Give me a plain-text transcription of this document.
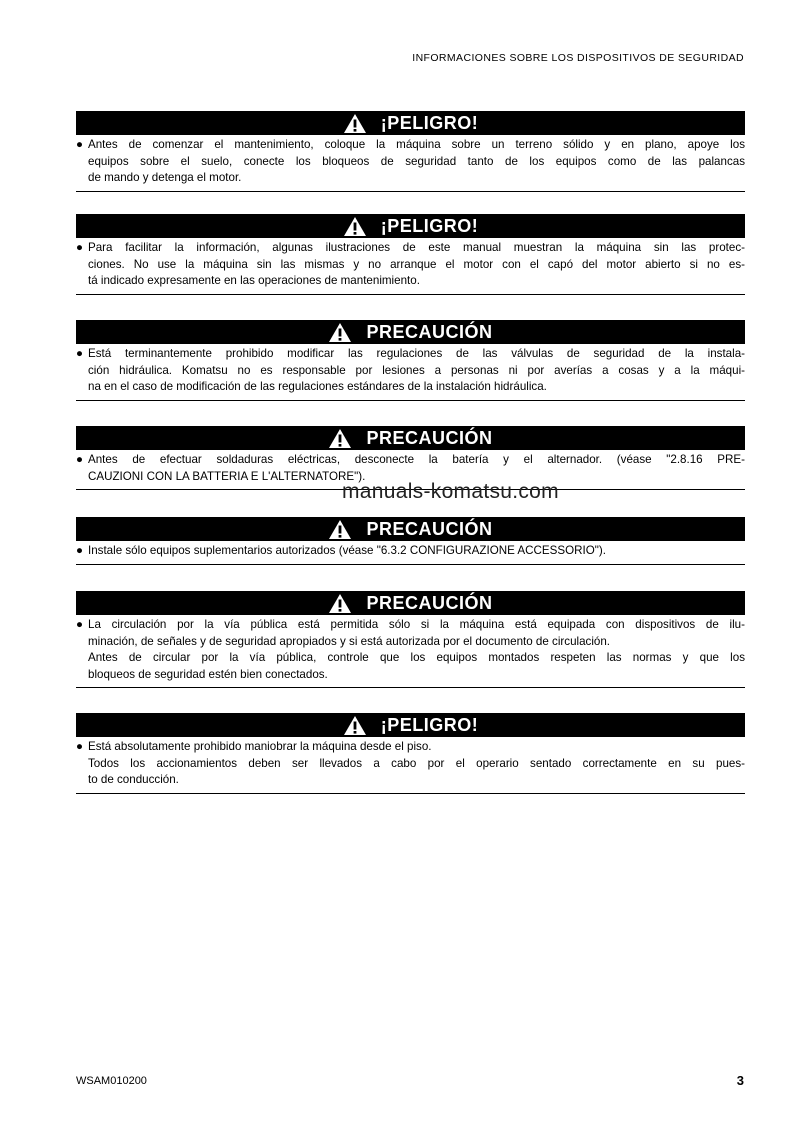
INFORMACIONES SOBRE LOS DISPOSITIVOS DE SEGURIDAD
¡PELIGRO!
● Antes de comenzar el mantenimiento, coloque la máquina sobre un terreno sólido y en plano, apoye los
equipos sobre el suelo, conecte los bloqueos de seguridad tanto de los equipos como de las palancas
de mando y detenga el motor.
¡PELIGRO!
● Para facilitar la información, algunas ilustraciones de este manual muestran la máquina sin las protec-
ciones. No use la máquina sin las mismas y no arranque el motor con el capó del motor abierto si no es-
tá indicado expresamente en las operaciones de mantenimiento.
PRECAUCIÓN
● Está terminantemente prohibido modificar las regulaciones de las válvulas de seguridad de la instala-
ción hidráulica. Komatsu no es responsable por lesiones a personas ni por averías a cosas y a la máqui-
na en el caso de modificación de las regulaciones estándares de la instalación hidráulica.
PRECAUCIÓN
● Antes de efectuar soldaduras eléctricas, desconecte la batería y el alternador. (véase "2.8.16 PRE-
CAUZIONI CON LA BATTERIA E L'ALTERNATORE").
PRECAUCIÓN
● Instale sólo equipos suplementarios autorizados (véase "6.3.2 CONFIGURAZIONE ACCESSORIO").
PRECAUCIÓN
● La circulación por la vía pública está permitida sólo si la máquina está equipada con dispositivos de ilu-
minación, de señales y de seguridad apropiados y si está autorizada por el documento de circulación.
Antes de circular por la vía pública, controle que los equipos montados respeten las normas y que los
bloqueos de seguridad estén bien conectados.
¡PELIGRO!
● Está absolutamente prohibido maniobrar la máquina desde el piso.
Todos los accionamientos deben ser llevados a cabo por el operario sentado correctamente en su pues-
to de conducción.
manuals-komatsu.com
WSAM010200	3
